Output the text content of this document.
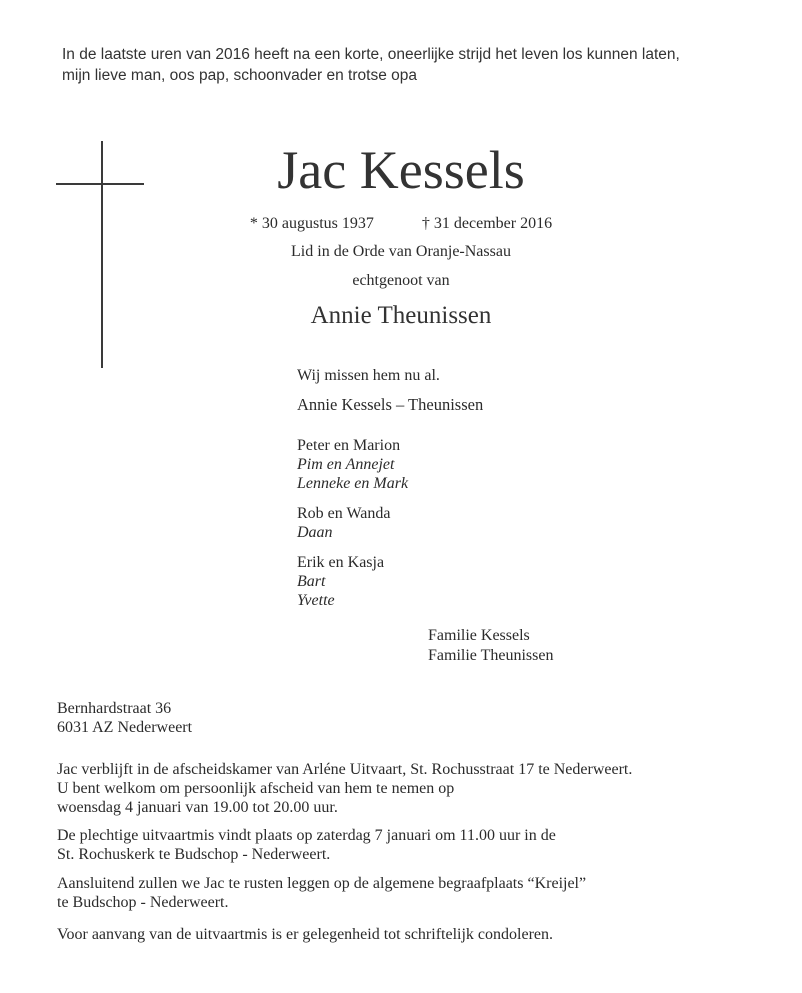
In de laatste uren van 2016 heeft na een korte, oneerlijke strijd het leven los kunnen laten,
mijn lieve man, oos pap, schoonvader en trotse opa
Jac Kessels
* 30 augustus 1937	† 31 december 2016
Lid in de Orde van Oranje-Nassau
echtgenoot van
Annie Theunissen
Wij missen hem nu al.
Annie Kessels – Theunissen
Peter en Marion
Pim en Annejet
Lenneke en Mark
Rob en Wanda
Daan
Erik en Kasja
Bart
Yvette
Familie Kessels
Familie Theunissen

Bernhardstraat 36

6031 AZ Nederweert

Jac verblijft in de afscheidskamer van Arléne Uitvaart, St. Rochusstraat 17 te Nederweert.

U bent welkom om persoonlijk afscheid van hem te nemen op

woensdag 4 januari van 19.00 tot 20.00 uur.

De plechtige uitvaartmis vindt plaats op zaterdag 7 januari om 11.00 uur in de

St. Rochuskerk te Budschop - Nederweert.

Aansluitend zullen we Jac te rusten leggen op de algemene begraafplaats “Kreijel”

te Budschop - Nederweert.

Voor aanvang van de uitvaartmis is er gelegenheid tot schriftelijk condoleren.
